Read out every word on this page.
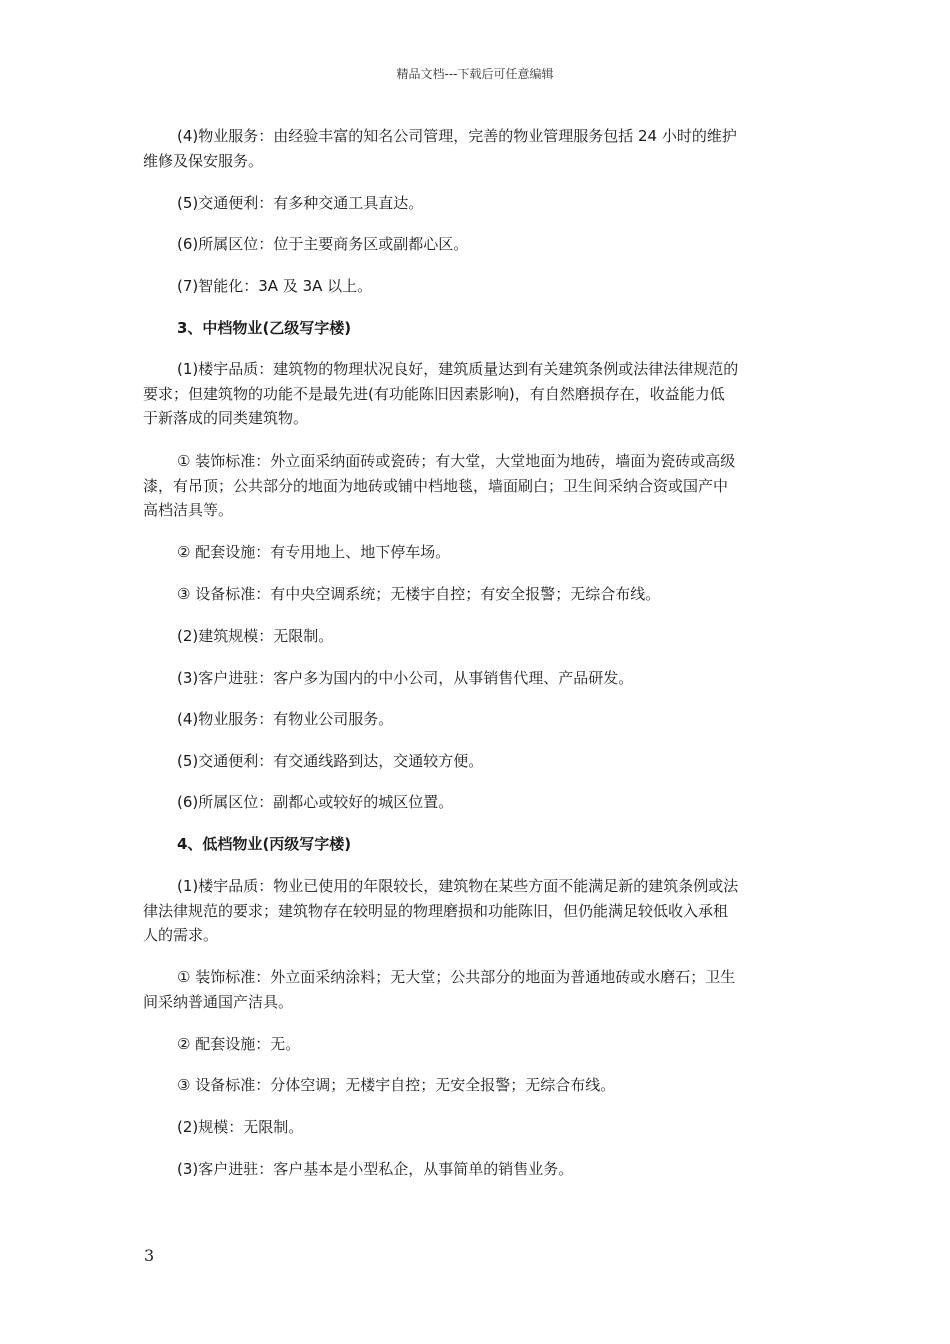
精品文档---下载后可任意编辑

(4)物业服务：由经验丰富的知名公司管理，完善的物业管理服务包括 24 小时的维护
维修及保安服务。

(5)交通便利：有多种交通工具直达。

(6)所属区位：位于主要商务区或副都心区。

(7)智能化：3A 及 3A 以上。

3、中档物业(乙级写字楼)

(1)楼宇品质：建筑物的物理状况良好，建筑质量达到有关建筑条例或法律法律规范的
要求；但建筑物的功能不是最先进(有功能陈旧因素影响)，有自然磨损存在，收益能力低
于新落成的同类建筑物。

① 装饰标准：外立面采纳面砖或瓷砖；有大堂，大堂地面为地砖，墙面为瓷砖或高级
漆，有吊顶；公共部分的地面为地砖或铺中档地毯，墙面刷白；卫生间采纳合资或国产中
高档洁具等。

② 配套设施：有专用地上、地下停车场。

③ 设备标准：有中央空调系统；无楼宇自控；有安全报警；无综合布线。

(2)建筑规模：无限制。

(3)客户进驻：客户多为国内的中小公司，从事销售代理、产品研发。

(4)物业服务：有物业公司服务。

(5)交通便利：有交通线路到达，交通较方便。

(6)所属区位：副都心或较好的城区位置。

4、低档物业(丙级写字楼)

(1)楼宇品质：物业已使用的年限较长，建筑物在某些方面不能满足新的建筑条例或法
律法律规范的要求；建筑物存在较明显的物理磨损和功能陈旧，但仍能满足较低收入承租
人的需求。

① 装饰标准：外立面采纳涂料；无大堂；公共部分的地面为普通地砖或水磨石；卫生
间采纳普通国产洁具。

② 配套设施：无。

③ 设备标准：分体空调；无楼宇自控；无安全报警；无综合布线。

(2)规模：无限制。

(3)客户进驻：客户基本是小型私企，从事简单的销售业务。

3
